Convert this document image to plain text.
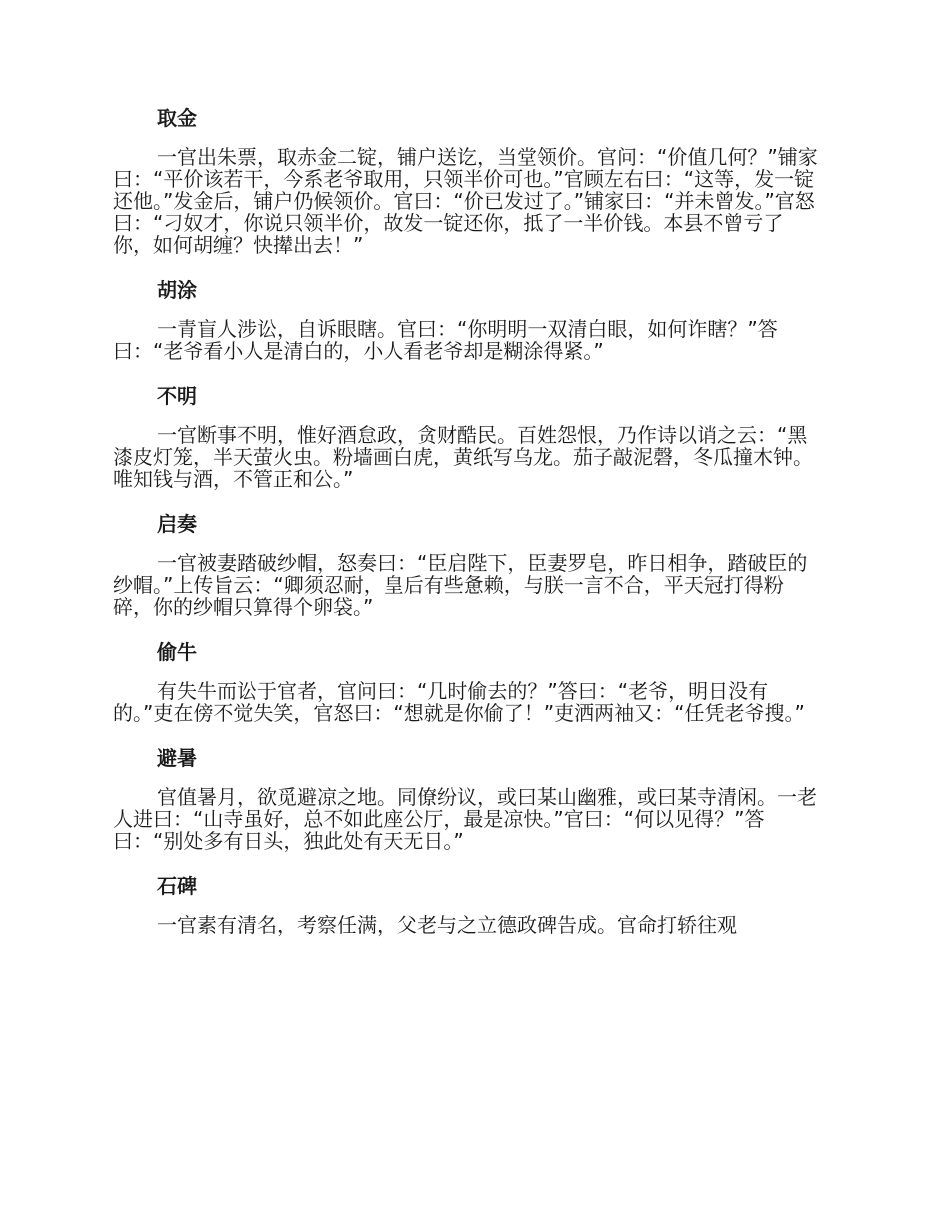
取金

一官出朱票，取赤金二锭，铺户送讫，当堂领价。官问：“价值几何？”铺家曰：“平价该若干，今系老爷取用，只领半价可也。”官顾左右曰：“这等，发一锭还他。”发金后，铺户仍候领价。官曰：“价已发过了。”铺家曰：“并未曾发。”官怒曰：“刁奴才，你说只领半价，故发一锭还你，抵了一半价钱。本县不曾亏了你，如何胡缠？快撵出去！”

胡涂

一青盲人涉讼，自诉眼瞎。官曰：“你明明一双清白眼，如何诈瞎？”答曰：“老爷看小人是清白的，小人看老爷却是糊涂得紧。”

不明

一官断事不明，惟好酒怠政，贪财酷民。百姓怨恨，乃作诗以诮之云：“黑漆皮灯笼，半天萤火虫。粉墙画白虎，黄纸写乌龙。茄子敲泥磬，冬瓜撞木钟。唯知钱与酒，不管正和公。”

启奏

一官被妻踏破纱帽，怒奏曰：“臣启陛下，臣妻罗皂，昨日相争，踏破臣的纱帽。”上传旨云：“卿须忍耐，皇后有些惫赖，与朕一言不合，平天冠打得粉碎，你的纱帽只算得个卵袋。”

偷牛

有失牛而讼于官者，官问曰：“几时偷去的？”答曰：“老爷，明日没有的。”吏在傍不觉失笑，官怒曰：“想就是你偷了！”吏洒两袖又：“任凭老爷搜。”

避暑

官值暑月，欲觅避凉之地。同僚纷议，或曰某山幽雅，或曰某寺清闲。一老人进曰：“山寺虽好，总不如此座公厅，最是凉快。”官曰：“何以见得？”答曰：“别处多有日头，独此处有天无日。”

石碑

一官素有清名，考察任满，父老与之立德政碑告成。官命打轿往观
